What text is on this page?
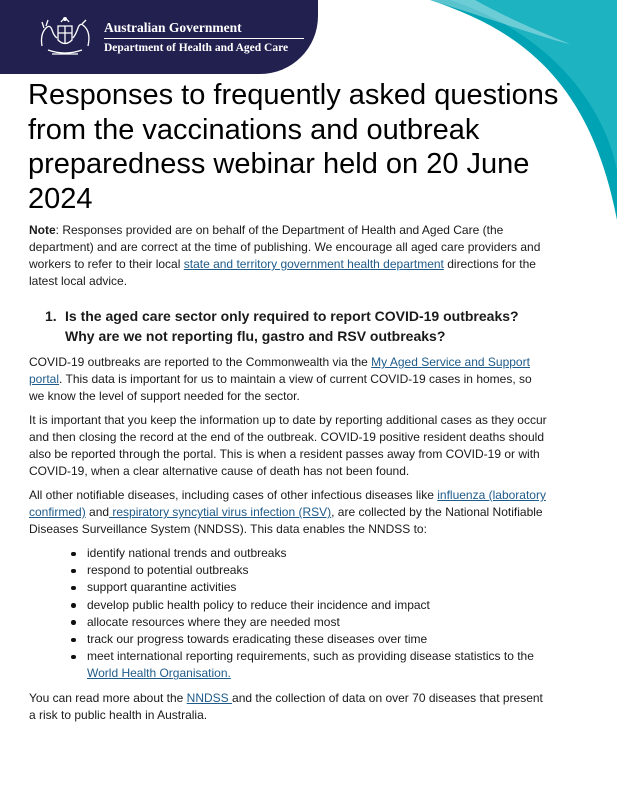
Australian Government
Department of Health and Aged Care
Responses to frequently asked questions from the vaccinations and outbreak preparedness webinar held on 20 June 2024

Note: Responses provided are on behalf of the Department of Health and Aged Care (the department) and are correct at the time of publishing. We encourage all aged care providers and workers to refer to their local state and territory government health department directions for the latest local advice.

1. Is the aged care sector only required to report COVID-19 outbreaks? Why are we not reporting flu, gastro and RSV outbreaks?

COVID-19 outbreaks are reported to the Commonwealth via the My Aged Service and Support portal. This data is important for us to maintain a view of current COVID-19 cases in homes, so we know the level of support needed for the sector.

It is important that you keep the information up to date by reporting additional cases as they occur and then closing the record at the end of the outbreak. COVID-19 positive resident deaths should also be reported through the portal. This is when a resident passes away from COVID-19 or with COVID-19, when a clear alternative cause of death has not been found.

All other notifiable diseases, including cases of other infectious diseases like influenza (laboratory confirmed) and respiratory syncytial virus infection (RSV), are collected by the National Notifiable Diseases Surveillance System (NNDSS). This data enables the NNDSS to:

identify national trends and outbreaks
respond to potential outbreaks
support quarantine activities
develop public health policy to reduce their incidence and impact
allocate resources where they are needed most
track our progress towards eradicating these diseases over time
meet international reporting requirements, such as providing disease statistics to the World Health Organisation.

You can read more about the NNDSS and the collection of data on over 70 diseases that present a risk to public health in Australia.
